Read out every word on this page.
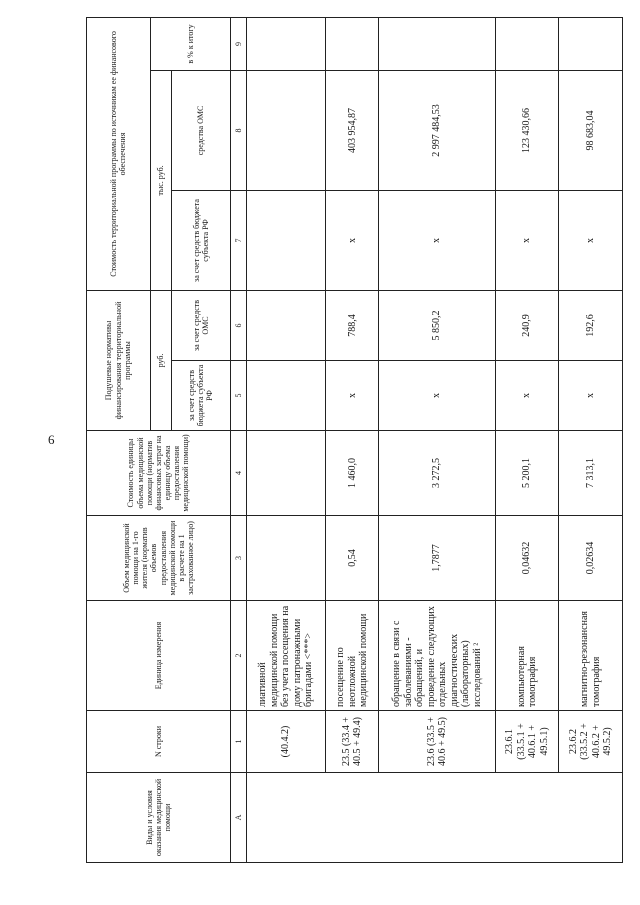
6
Виды и условия оказания медицинской помощи	N строки	Единица измерения	Объем медицинской помощи на 1-го жителя (норматив объемов предоставления медицинской помощи в расчете на 1 застрахованное лицо)	Стоимость единицы объема медицинской помощи (норматив финансовых затрат на единицу объема предоставления медицинской помощи)	Подушевые нормативы финансирования территориальной программы		Стоимость территориальной программы по источникам ее финансового обеспечения		
					руб.		тыс. руб.		в % к итогу
					за счет средств бюджета субъекта РФ	за счет средств ОМС	за счет средств бюджета субъекта РФ	средства ОМС	
А	1	2	3	4	5	6	7	8	9
	(40.4.2)	лиативной медицинской помощи без учета посещения на дому патронажными бригадами <***>							
	23.5 (33.4 + 40.5 + 49.4)	посещение по неотложной медицинской помощи	0,54	1 460,0	х	788,4	х	403 954,87	
	23.6 (33.5 + 40.6 + 49.5)	обращение в связи с заболеваниями - обращений, и проведение следующих отдельных диагностических (лабораторных) исследований ²	1,7877	3 272,5	х	5 850,2	х	2 997 484,53	
	23.6.1 (33.5.1 + 40.6.1 + 49.5.1)	компьютерная томография	0,04632	5 200,1	х	240,9	х	123 430,66	
	23.6.2 (33.5.2 + 40.6.2 + 49.5.2)	магнитно-резонансная томография	0,02634	7 313,1	х	192,6	х	98 683,04	
